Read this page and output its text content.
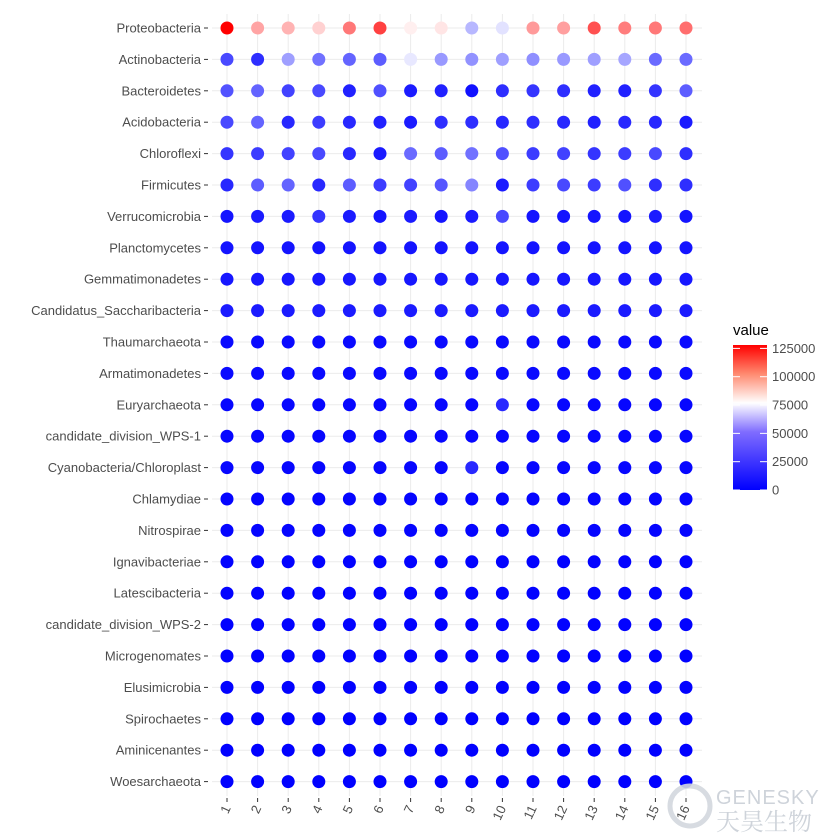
Proteobacteria
Actinobacteria
Bacteroidetes
Acidobacteria
Chloroflexi
Firmicutes
Verrucomicrobia
Planctomycetes
Gemmatimonadetes
Candidatus_Saccharibacteria
Thaumarchaeota
Armatimonadetes
Euryarchaeota
candidate_division_WPS-1
Cyanobacteria/Chloroplast
Chlamydiae
Nitrospirae
Ignavibacteriae
Latescibacteria
candidate_division_WPS-2
Microgenomates
Elusimicrobia
Spirochaetes
Aminicenantes
Woesarchaeota
1 2 3 4 5 6 7 8 9 10 11 12 13 14 15 16
value
125000
100000
75000
50000
25000
0
GENESKY
天昊生物
